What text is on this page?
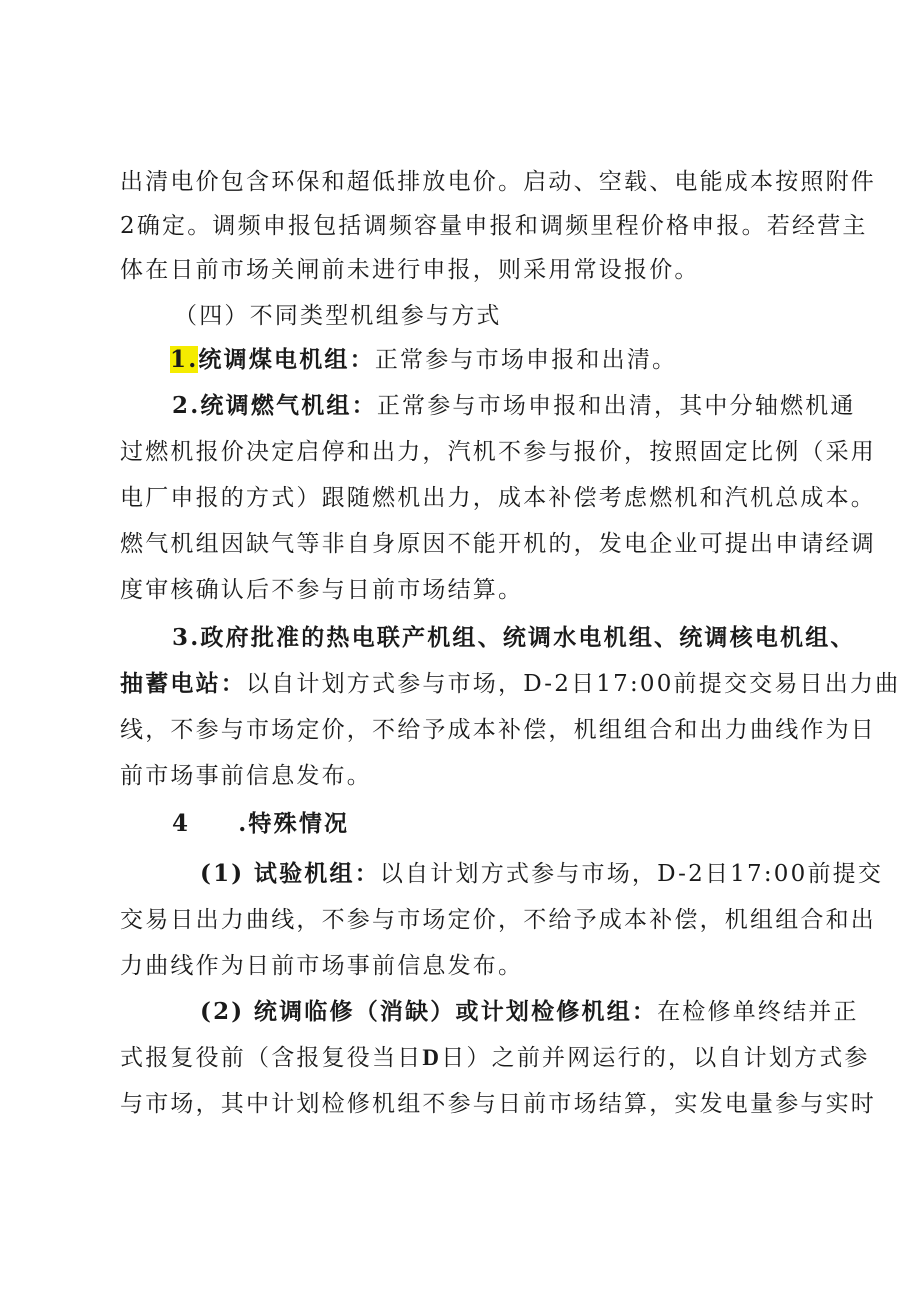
出清电价包含环保和超低排放电价。启动、空载、电能成本按照附件
2确定。调频申报包括调频容量申报和调频里程价格申报。若经营主
体在日前市场关闸前未进行申报，则采用常设报价。
（四）不同类型机组参与方式
1.统调煤电机组：正常参与市场申报和出清。
2.统调燃气机组：正常参与市场申报和出清，其中分轴燃机通
过燃机报价决定启停和出力，汽机不参与报价，按照固定比例（采用
电厂申报的方式）跟随燃机出力，成本补偿考虑燃机和汽机总成本。
燃气机组因缺气等非自身原因不能开机的，发电企业可提出申请经调
度审核确认后不参与日前市场结算。
3.政府批准的热电联产机组、统调水电机组、统调核电机组、
抽蓄电站：以自计划方式参与市场，D-2日17:00前提交交易日出力曲
线，不参与市场定价，不给予成本补偿，机组组合和出力曲线作为日
前市场事前信息发布。
4 .特殊情况
(1) 试验机组：以自计划方式参与市场，D-2日17:00前提交
交易日出力曲线，不参与市场定价，不给予成本补偿，机组组合和出
力曲线作为日前市场事前信息发布。
(2) 统调临修（消缺）或计划检修机组：在检修单终结并正
式报复役前（含报复役当日D日）之前并网运行的，以自计划方式参
与市场，其中计划检修机组不参与日前市场结算，实发电量参与实时
